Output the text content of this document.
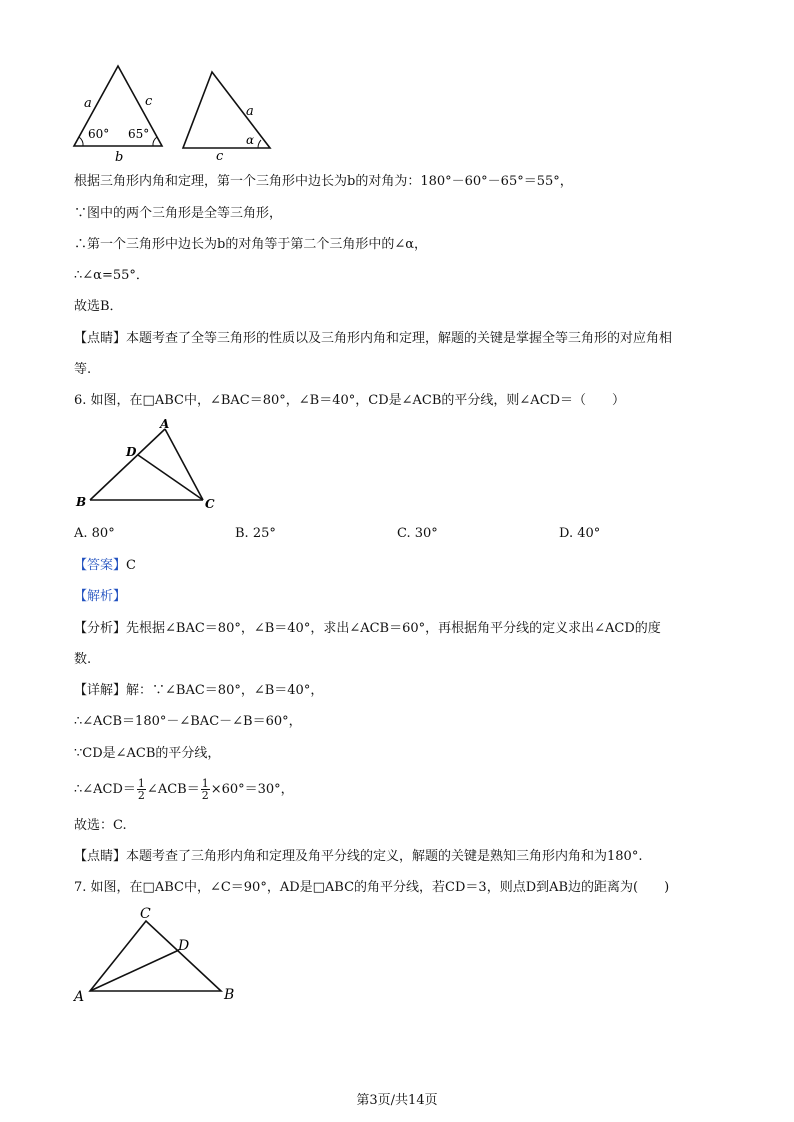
a	c
b
60° 65°
a
c
α
根据三角形内角和定理，第一个三角形中边长为b的对角为：180°－60°－65°＝55°，
∵图中的两个三角形是全等三角形，
∴第一个三角形中边长为b的对角等于第二个三角形中的∠α，
∴∠α=55°．
故选B．
【点睛】本题考查了全等三角形的性质以及三角形内角和定理，解题的关键是掌握全等三角形的对应角相
等.
6. 如图，在□ABC中，∠BAC＝80°，∠B＝40°，CD是∠ACB的平分线，则∠ACD＝（　　）
A
B	C
D
A. 80°	B. 25°	C. 30°	D. 40°
【答案】C
【解析】
【分析】先根据∠BAC＝80°，∠B＝40°，求出∠ACB＝60°，再根据角平分线的定义求出∠ACD的度
数.
【详解】解：∵∠BAC＝80°，∠B＝40°，
∴∠ACB＝180°－∠BAC－∠B＝60°，
∵CD是∠ACB的平分线，
∴∠ACD＝ $\frac{1}{2}$ ∠ACB＝ $\frac{1}{2} \times 60^\circ=30^\circ$，
故选：C.
【点睛】本题考查了三角形内角和定理及角平分线的定义，解题的关键是熟知三角形内角和为180°.
7. 如图，在□ABC中，∠C＝90°，AD是□ABC的角平分线，若CD＝3，则点D到AB边的距离为(　　)
C
D
A	B
第3页/共14页
